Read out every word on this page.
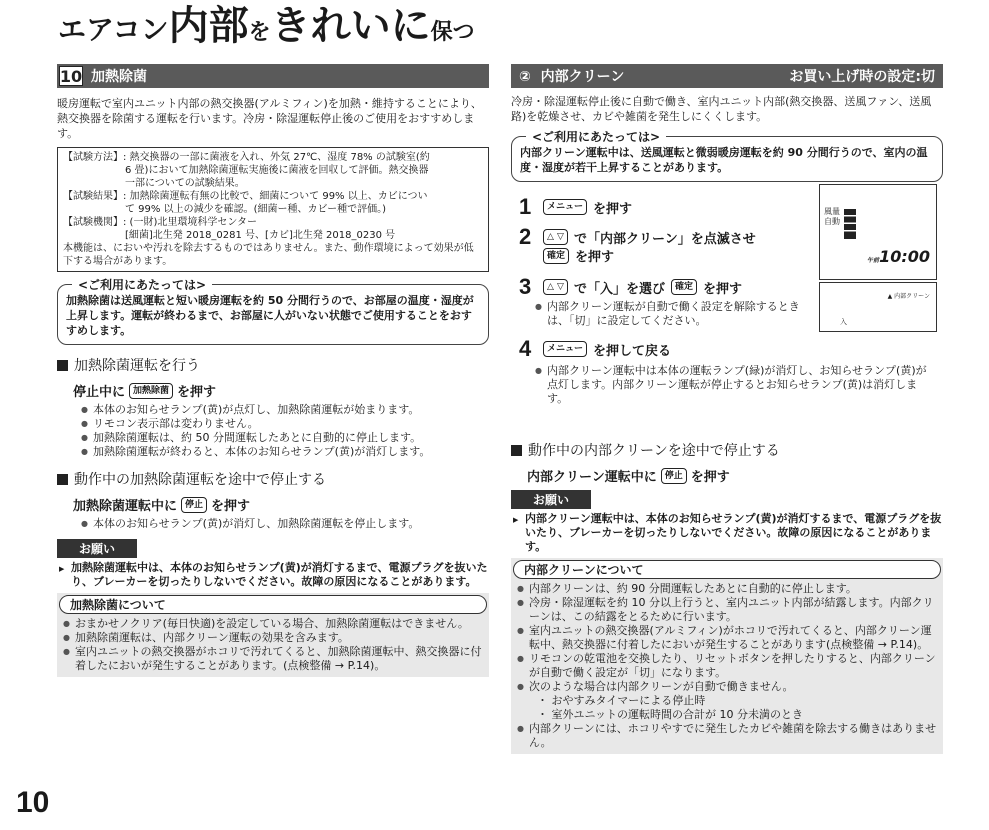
エアコン内部をきれいに保つ
10 加熱除菌

暖房運転で室内ユニット内部の熱交換器(アルミフィン)を加熱・維持することにより、熱交換器を除菌する運転を行います。冷房・除湿運転停止後のご使用をおすすめします。

【試験方法】: 熱交換器の一部に菌液を入れ、外気 27℃、湿度 78% の試験室(約
6 畳)において加熱除菌運転実施後に菌液を回収して評価。熱交換器
一部についての試験結果。
【試験結果】: 加熱除菌運転有無の比較で、細菌について 99% 以上、カビについ
て 99% 以上の減少を確認。(細菌ー種、カビー種で評価。)
【試験機関】: (一財)北里環境科学センター
[細菌]北生発 2018_0281 号、[カビ]北生発 2018_0230 号
本機能は、においや汚れを除去するものではありません。また、動作環境によって効果が低下する場合があります。
<ご利用にあたっては>
加熱除菌は送風運転と短い暖房運転を約 50 分間行うので、お部屋の温度・湿度が上昇します。運転が終わるまで、お部屋に人がいない状態でご使用することをおすすめします。
加熱除菌運転を行う
停止中に 加熱除菌 を押す
● 本体のお知らせランプ(黄)が点灯し、加熱除菌運転が始まります。
● リモコン表示部は変わりません。
● 加熱除菌運転は、約 50 分間運転したあとに自動的に停止します。
● 加熱除菌運転が終わると、本体のお知らせランプ(黄)が消灯します。
動作中の加熱除菌運転を途中で停止する
加熱除菌運転中に 停止 を押す
● 本体のお知らせランプ(黄)が消灯し、加熱除菌運転を停止します。
お願い
▶ 加熱除菌運転中は、本体のお知らせランプ(黄)が消灯するまで、電源プラグを抜いたり、ブレーカーを切ったりしないでください。故障の原因になることがあります。
加熱除菌について
● おまかせノクリア(毎日快適)を設定している場合、加熱除菌運転はできません。
● 加熱除菌運転は、内部クリーン運転の効果を含みます。
● 室内ユニットの熱交換器がホコリで汚れてくると、加熱除菌運転中、熱交換器に付着したにおいが発生することがあります。(点検整備 → P.14)。
② 内部クリーン	お買い上げ時の設定:切

冷房・除湿運転停止後に自動で働き、室内ユニット内部(熱交換器、送風ファン、送風路)を乾燥させ、カビや雑菌を発生しにくくします。

<ご利用にあたっては>
内部クリーン運転中は、送風運転と微弱暖房運転を約 90 分間行うので、室内の温度・湿度が若干上昇することがあります。
1	メニュー を押す
2	△ ▽ で「内部クリーン」を点滅させ
確定 を押す
3	△ ▽ で「入」を選び	確定 を押す
● 内部クリーン運転が自動で働く設定を解除するときは、「切」に設定してください。
4	メニュー を押して戻る
● 内部クリーン運転中は本体の運転ランプ(緑)が消灯し、お知らせランプ(黄)が点灯します。内部クリーン運転が停止するとお知らせランプ(黄)は消灯します。
風量
自動
午前10:00
▲ 内部クリーン
入
動作中の内部クリーンを途中で停止する
内部クリーン運転中に 停止 を押す
お願い
▶ 内部クリーン運転中は、本体のお知らせランプ(黄)が消灯するまで、電源プラグを抜いたり、ブレーカーを切ったりしないでください。故障の原因になることがあります。
内部クリーンについて
● 内部クリーンは、約 90 分間運転したあとに自動的に停止します。
● 冷房・除湿運転を約 10 分以上行うと、室内ユニット内部が結露します。内部クリーンは、この結露をとるために行います。
● 室内ユニットの熱交換器(アルミフィン)がホコリで汚れてくると、内部クリーン運転中、熱交換器に付着したにおいが発生することがあります(点検整備 → P.14)。
● リモコンの乾電池を交換したり、リセットボタンを押したりすると、内部クリーンが自動で働く設定が「切」になります。
● 次のような場合は内部クリーンが自動で働きません。
・ おやすみタイマーによる停止時
・ 室外ユニットの運転時間の合計が 10 分未満のとき
● 内部クリーンには、ホコリやすでに発生したカビや雑菌を除去する働きはありません。
10
